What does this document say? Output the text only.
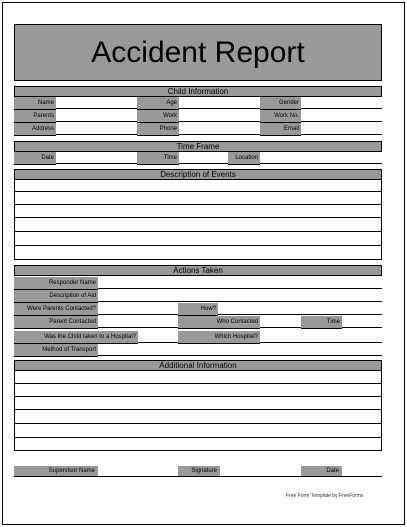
Accident Report
Child Information
Name	Age	Gender
Parents	Work	Work No.
Address	Phone	Email
Time Frame
Date	Time	Location
Description of Events
Actions Taken
Responder Name
Description of Aid
Were Parents Contacted?	How?
Parent Contacted	Who Contacted	Time
Was the Child taken to a Hospital?	Which Hospital?
Method of Transport
Additional Information
Supervisor Name	Signature	Date
Free Form Template by FreeForms
